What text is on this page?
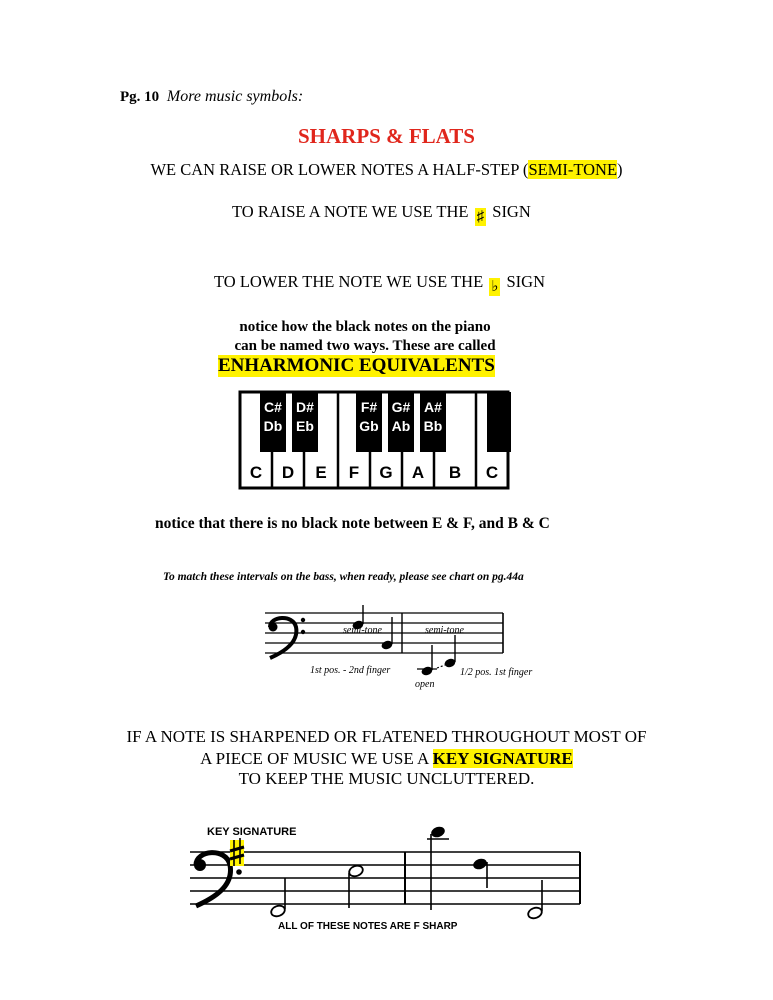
Pg. 10 More music symbols:
SHARPS & FLATS
WE CAN RAISE OR LOWER NOTES A HALF-STEP (SEMI-TONE)
TO RAISE A NOTE WE USE THE ♯ SIGN
TO LOWER THE NOTE WE USE THE ♭ SIGN
notice how the black notes on the piano
can be named two ways. These are called
ENHARMONIC EQUIVALENTS
C#
Db
D#
Eb
F#
Gb
G#
Ab
A#
Bb
C D E F G A B C
notice that there is no black note between E & F, and B & C
To match these intervals on the bass, when ready, please see chart on pg.44a
semi-tone	semi-tone
1st pos. - 2nd finger
open
1/2 pos. 1st finger
IF A NOTE IS SHARPENED OR FLATENED THROUGHOUT MOST OF
A PIECE OF MUSIC WE USE A KEY SIGNATURE
TO KEEP THE MUSIC UNCLUTTERED.
KEY SIGNATURE
ALL OF THESE NOTES ARE F SHARP
